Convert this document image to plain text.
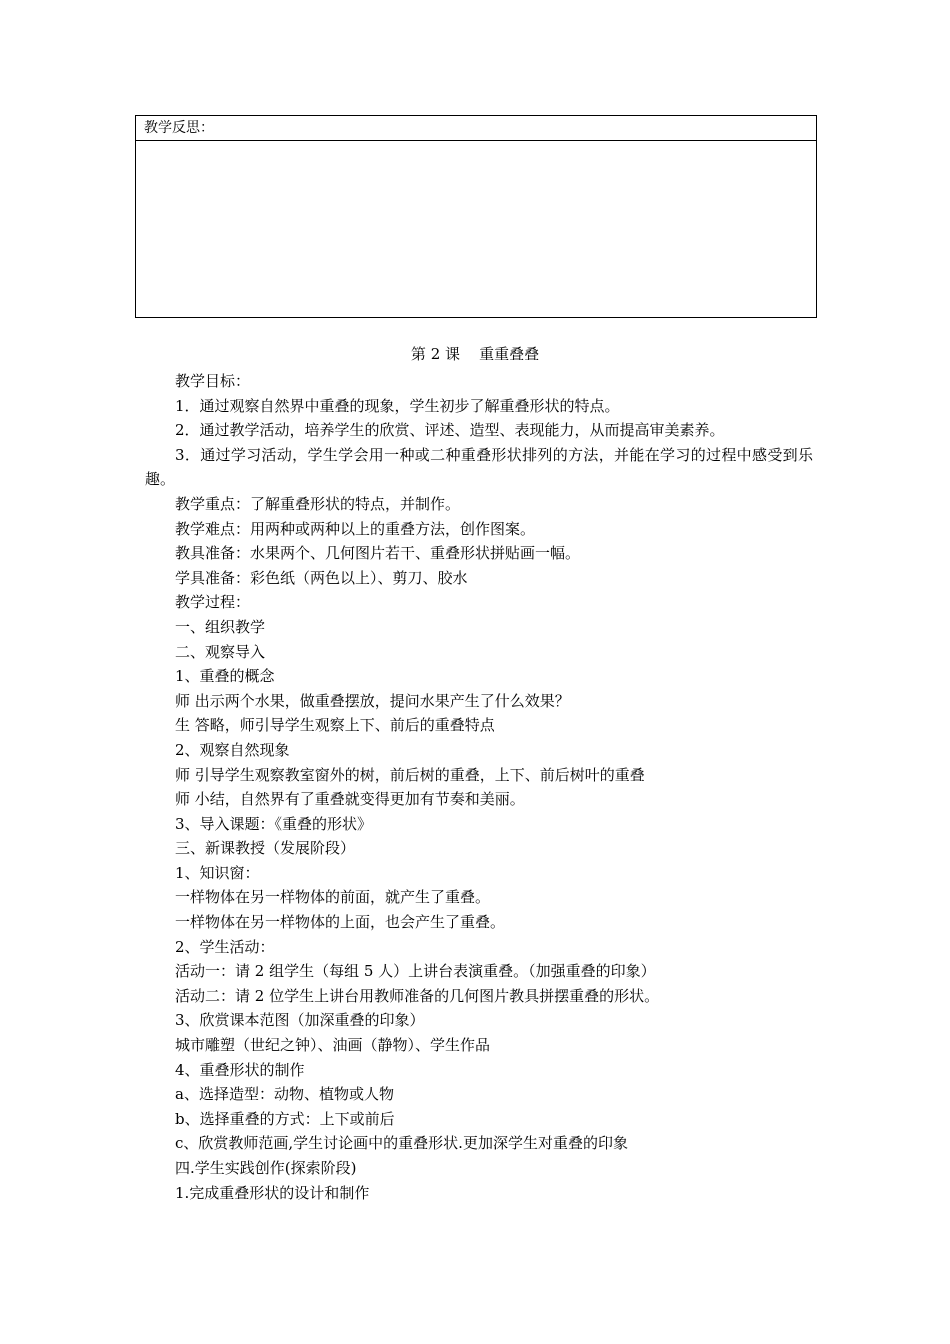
教学反思：
第 2 课    重重叠叠

教学目标：

1．通过观察自然界中重叠的现象，学生初步了解重叠形状的特点。

2．通过教学活动，培养学生的欣赏、评述、造型、表现能力，从而提高审美素养。

3．通过学习活动，学生学会用一种或二种重叠形状排列的方法，并能在学习的过程中感受到乐趣。

教学重点：了解重叠形状的特点，并制作。

教学难点：用两种或两种以上的重叠方法，创作图案。

教具准备：水果两个、几何图片若干、重叠形状拼贴画一幅。

学具准备：彩色纸（两色以上）、剪刀、胶水

教学过程：

一、组织教学

二、观察导入

1、重叠的概念

师 出示两个水果，做重叠摆放，提问水果产生了什么效果？

生 答略，师引导学生观察上下、前后的重叠特点

2、观察自然现象

师 引导学生观察教室窗外的树，前后树的重叠，上下、前后树叶的重叠

师 小结，自然界有了重叠就变得更加有节奏和美丽。

3、导入课题：《重叠的形状》

三、新课教授（发展阶段）

1、知识窗：

一样物体在另一样物体的前面，就产生了重叠。

一样物体在另一样物体的上面，也会产生了重叠。

2、学生活动：

活动一：请 2 组学生（每组 5 人）上讲台表演重叠。（加强重叠的印象）

活动二：请 2 位学生上讲台用教师准备的几何图片教具拼摆重叠的形状。

3、欣赏课本范图（加深重叠的印象）

城市雕塑（世纪之钟）、油画（静物）、学生作品

4、重叠形状的制作

a、选择造型：动物、植物或人物

b、选择重叠的方式：上下或前后

c、欣赏教师范画,学生讨论画中的重叠形状.更加深学生对重叠的印象

四.学生实践创作(探索阶段)

1.完成重叠形状的设计和制作
